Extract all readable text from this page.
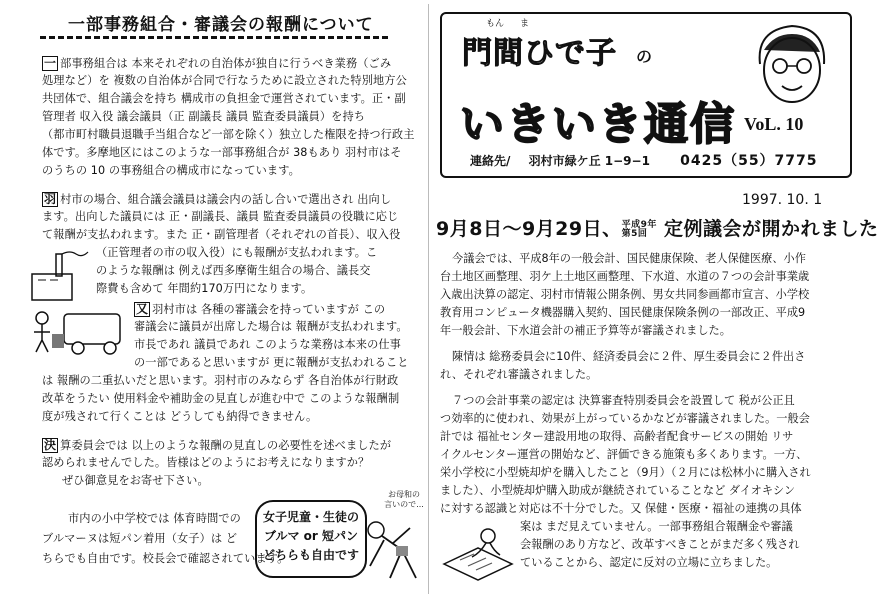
一部事務組合・審議会の報酬について
一 部事務組合は 本来それぞれの自治体が独自に行うべき業務（ごみ
処理など）を 複数の自治体が合同で行なうために設立された特別地方公
共団体で、組合議会を持ち 構成市の負担金で運営されています。正・副
管理者 収入役 議会議員（正 副議長 議員 監査委員議員）を持ち
（都市町村職員退職手当組合など一部を除く）独立した権限を持つ行政主
体です。多摩地区にはこのような一部事務組合が 38もあり 羽村市はそ
のうちの 10 の事務組合の構成市になっています。
羽 村市の場合、組合議会議員は議会内の話し合いで選出され 出向し
ます。出向した議員には 正・副議長、議員 監査委員議員の役職に応じ
て報酬が支払われます。また 正・副管理者（それぞれの首長）、収入役
（正管理者の市の収入役）にも報酬が支払われます。こ
のような報酬は 例えば西多摩衛生組合の場合、議長交
際費も含めて 年間約170万円になります。
又 羽村市は 各種の審議会を持っていますが この
審議会に議員が出席した場合は 報酬が支払われます。
市長であれ 議員であれ このような業務は本来の仕事
の一部であると思いますが 更に報酬が支払われること
は 報酬の二重払いだと思います。羽村市のみならず 各自治体が行財政
改革をうたい 使用料金や補助金の見直しが進む中で このような報酬制
度が残されて行くことは どうしても納得できません。
決 算委員会では 以上のような報酬の見直しの必要性を述べましたが
認められませんでした。皆様はどのようにお考えになりますか？
ぜひ御意見をお寄せ下さい。
市内の小中学校では 体育時間での
ブルマーヌは短パン着用（女子）は ど
ちらでも自由です。校長会で確認されています。
女子児童・生徒の
ブルマ or 短パン
どちらも自由です
お母和の
言いので...
もん ま
門間ひで子 の
いきいき通信 VoL. 10
連絡先/ 羽村市緑ケ丘 1−9−1 0425（55）7775
1997. 10. 1
9月8日〜9月29日、 平成9年
第5回 定例議会が開かれました
今議会では、平成8年の一般会計、国民健康保険、老人保健医療、小作
台土地区画整理、羽ケ上土地区画整理、下水道、水道の７つの会計事業歳
入歳出決算の認定、羽村市情報公開条例、男女共同参画都市宣言、小学校
教育用コンピュータ機器購入契約、国民健康保険条例の一部改正、平成9
年一般会計、下水道会計の補正予算等が審議されました。
陳情は 総務委員会に10件、経済委員会に２件、厚生委員会に２件出さ
れ、それぞれ審議されました。
７つの会計事業の認定は 決算審査特別委員会を設置して 税が公正且
つ効率的に使われ、効果が上がっているかなどが審議されました。一般会
計では 福祉センター建設用地の取得、高齢者配食サービスの開始 リサ
イクルセンター運営の開始など、評価できる施策も多くあります。一方、
栄小学校に小型焼却炉を購入したこと（9月）（２月には松林小に購入され
ました）、小型焼却炉購入助成が継続されていることなど ダイオキシン
に対する認識と対応は不十分でした。又 保健・医療・福祉の連携の具体
案は まだ見えていません。一部事務組合報酬金や審議
会報酬のあり方など、改革すべきことがまだ多く残され
ていることから、認定に反対の立場に立ちました。
